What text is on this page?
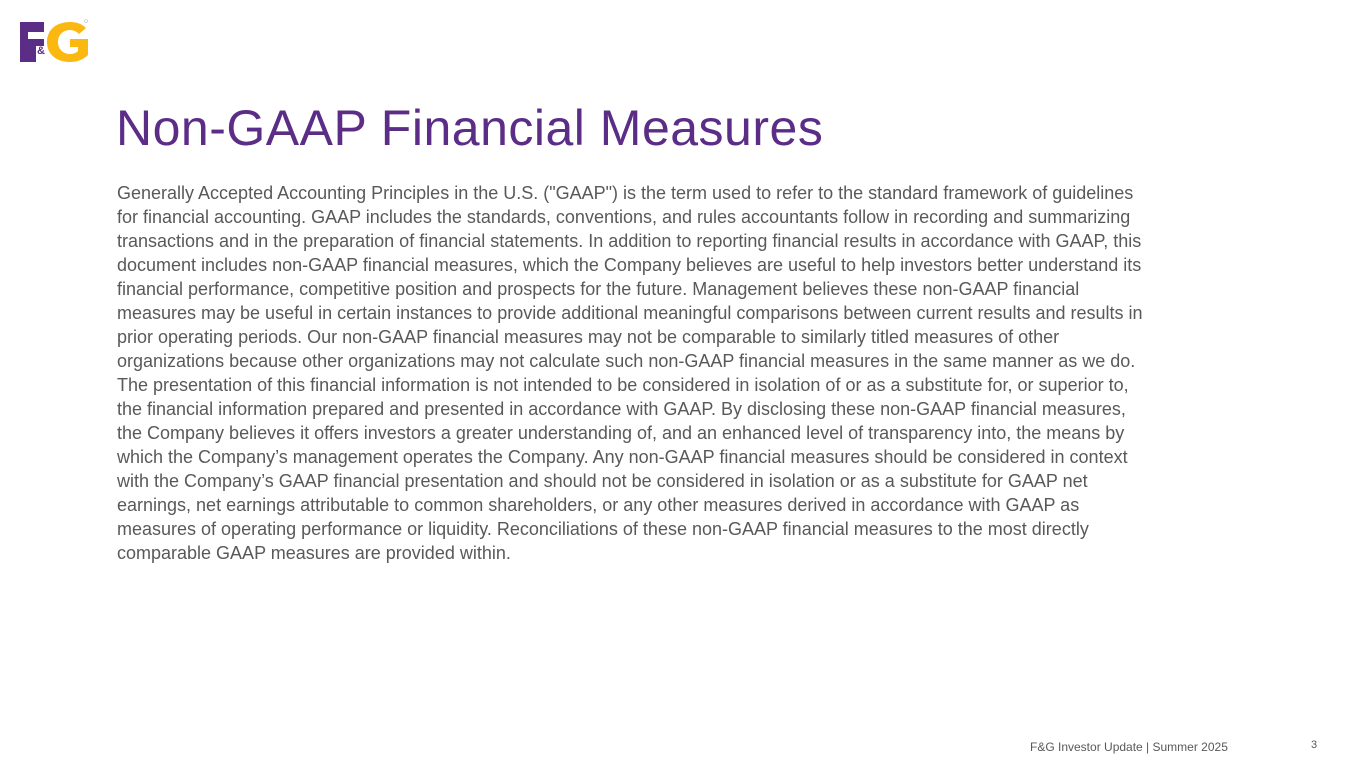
&
Non-GAAP Financial Measures
Generally Accepted Accounting Principles in the U.S. ("GAAP") is the term used to refer to the standard framework of guidelines
for financial accounting. GAAP includes the standards, conventions, and rules accountants follow in recording and summarizing
transactions and in the preparation of financial statements. In addition to reporting financial results in accordance with GAAP, this
document includes non-GAAP financial measures, which the Company believes are useful to help investors better understand its
financial performance, competitive position and prospects for the future. Management believes these non-GAAP financial
measures may be useful in certain instances to provide additional meaningful comparisons between current results and results in
prior operating periods. Our non-GAAP financial measures may not be comparable to similarly titled measures of other
organizations because other organizations may not calculate such non-GAAP financial measures in the same manner as we do.
The presentation of this financial information is not intended to be considered in isolation of or as a substitute for, or superior to,
the financial information prepared and presented in accordance with GAAP. By disclosing these non-GAAP financial measures,
the Company believes it offers investors a greater understanding of, and an enhanced level of transparency into, the means by
which the Company’s management operates the Company. Any non-GAAP financial measures should be considered in context
with the Company’s GAAP financial presentation and should not be considered in isolation or as a substitute for GAAP net
earnings, net earnings attributable to common shareholders, or any other measures derived in accordance with GAAP as
measures of operating performance or liquidity. Reconciliations of these non-GAAP financial measures to the most directly
comparable GAAP measures are provided within.
F&G Investor Update | Summer 2025	3
